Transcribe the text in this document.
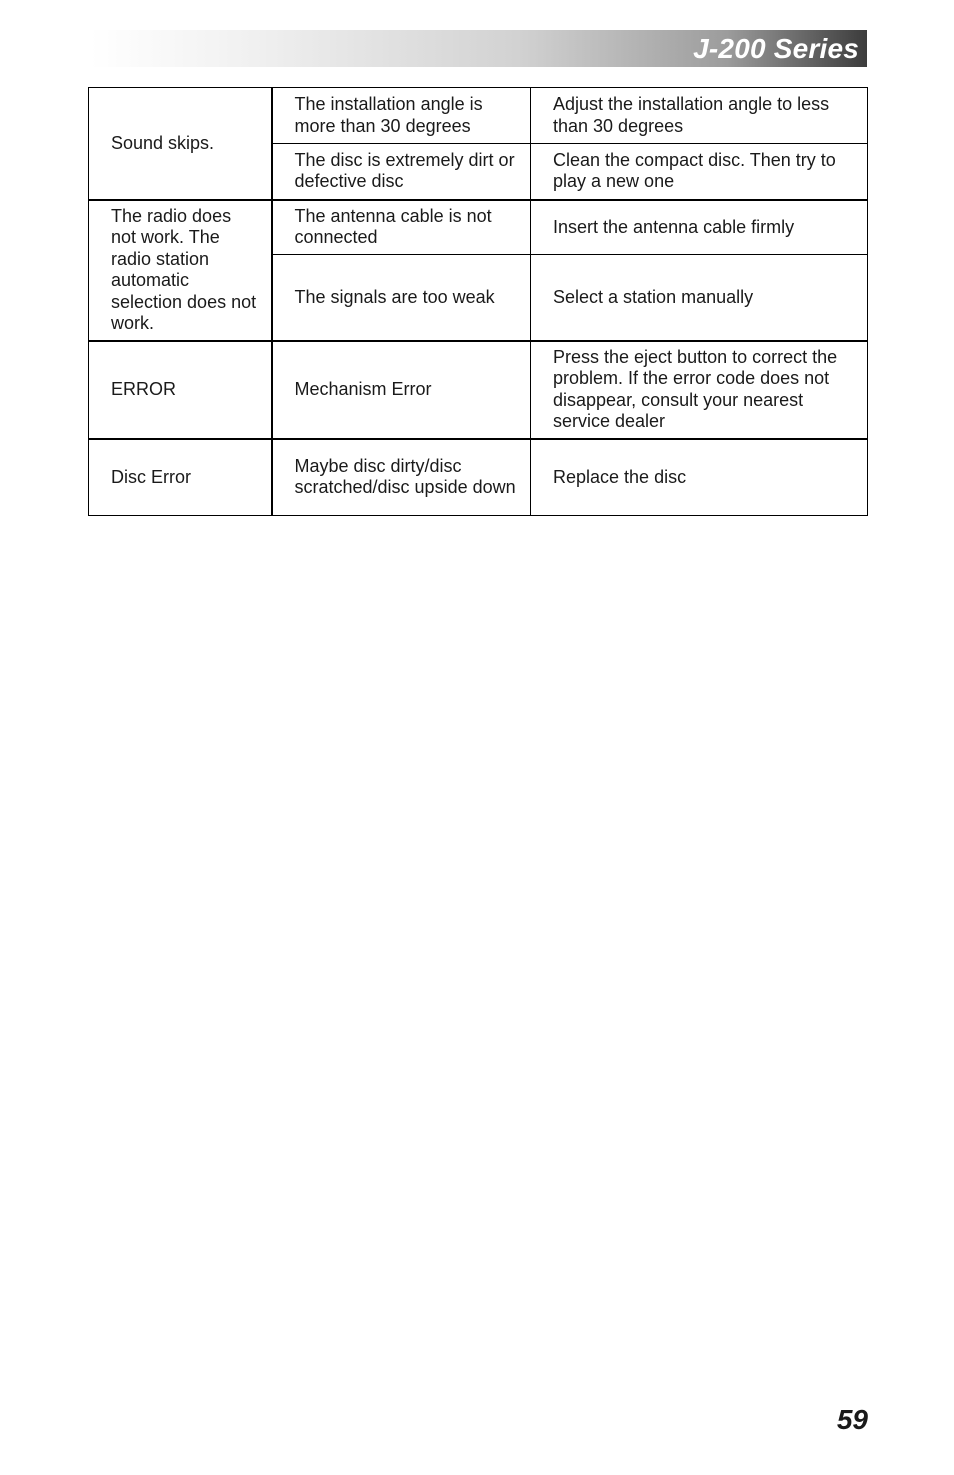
J-200 Series
Sound skips.	The installation angle is more than 30 degrees	Adjust the installation angle to less than 30 degrees
	The disc is extremely dirt or defective disc	Clean the compact disc. Then try to play a new one
The radio does not work. The radio station automatic selection does not work.	The antenna cable is not connected	Insert the antenna cable firmly
	The signals are too weak	Select a station manually
ERROR	Mechanism Error	Press the eject button to correct the problem. If the error code does not disappear, consult your nearest service dealer
Disc Error	Maybe disc dirty/disc scratched/disc upside down	Replace the disc
59
